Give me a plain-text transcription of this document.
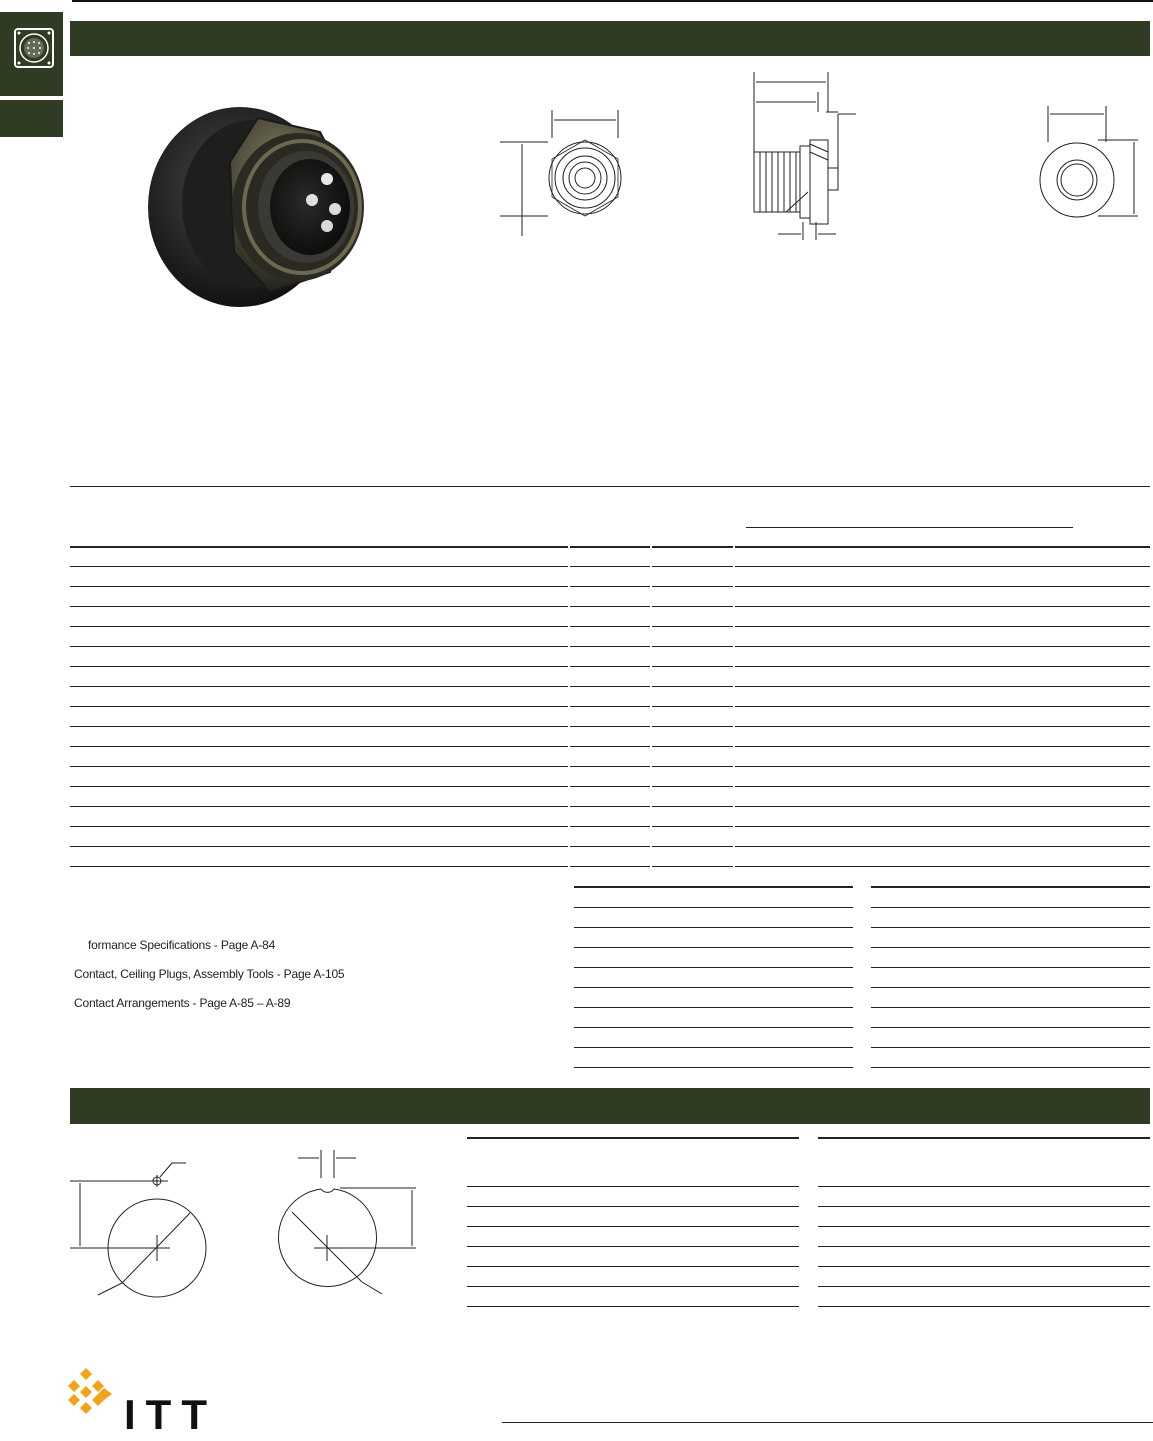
formance Specifications - Page A-84
Contact, Ceiling Plugs, Assembly Tools - Page A-105
Contact Arrangements - Page A-85 – A-89
ITT
